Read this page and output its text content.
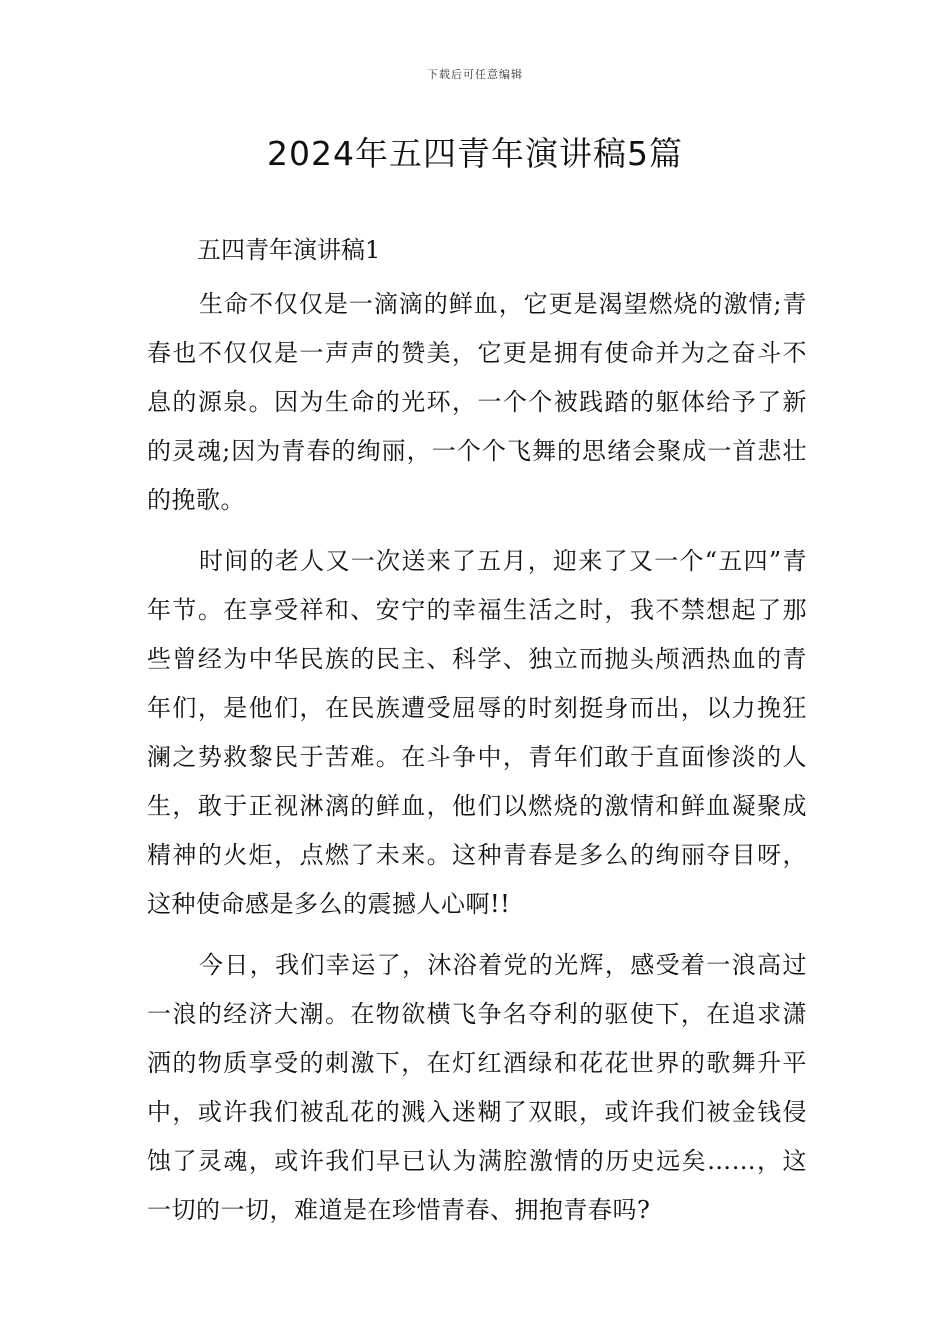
下载后可任意编辑
2024年五四青年演讲稿5篇

五四青年演讲稿1

生命不仅仅是一滴滴的鲜血，它更是渴望燃烧的激情;青春也不仅仅是一声声的赞美，它更是拥有使命并为之奋斗不息的源泉。因为生命的光环，一个个被践踏的躯体给予了新的灵魂;因为青春的绚丽，一个个飞舞的思绪会聚成一首悲壮的挽歌。

时间的老人又一次送来了五月，迎来了又一个“五四”青年节。在享受祥和、安宁的幸福生活之时，我不禁想起了那些曾经为中华民族的民主、科学、独立而抛头颅洒热血的青年们，是他们，在民族遭受屈辱的时刻挺身而出，以力挽狂澜之势救黎民于苦难。在斗争中，青年们敢于直面惨淡的人生，敢于正视淋漓的鲜血，他们以燃烧的激情和鲜血凝聚成精神的火炬，点燃了未来。这种青春是多么的绚丽夺目呀，这种使命感是多么的震撼人心啊!!

今日，我们幸运了，沐浴着党的光辉，感受着一浪高过一浪的经济大潮。在物欲横飞争名夺利的驱使下，在追求潇洒的物质享受的刺激下，在灯红酒绿和花花世界的歌舞升平中，或许我们被乱花的溅入迷糊了双眼，或许我们被金钱侵蚀了灵魂，或许我们早已认为满腔激情的历史远矣……，这一切的一切，难道是在珍惜青春、拥抱青春吗?
